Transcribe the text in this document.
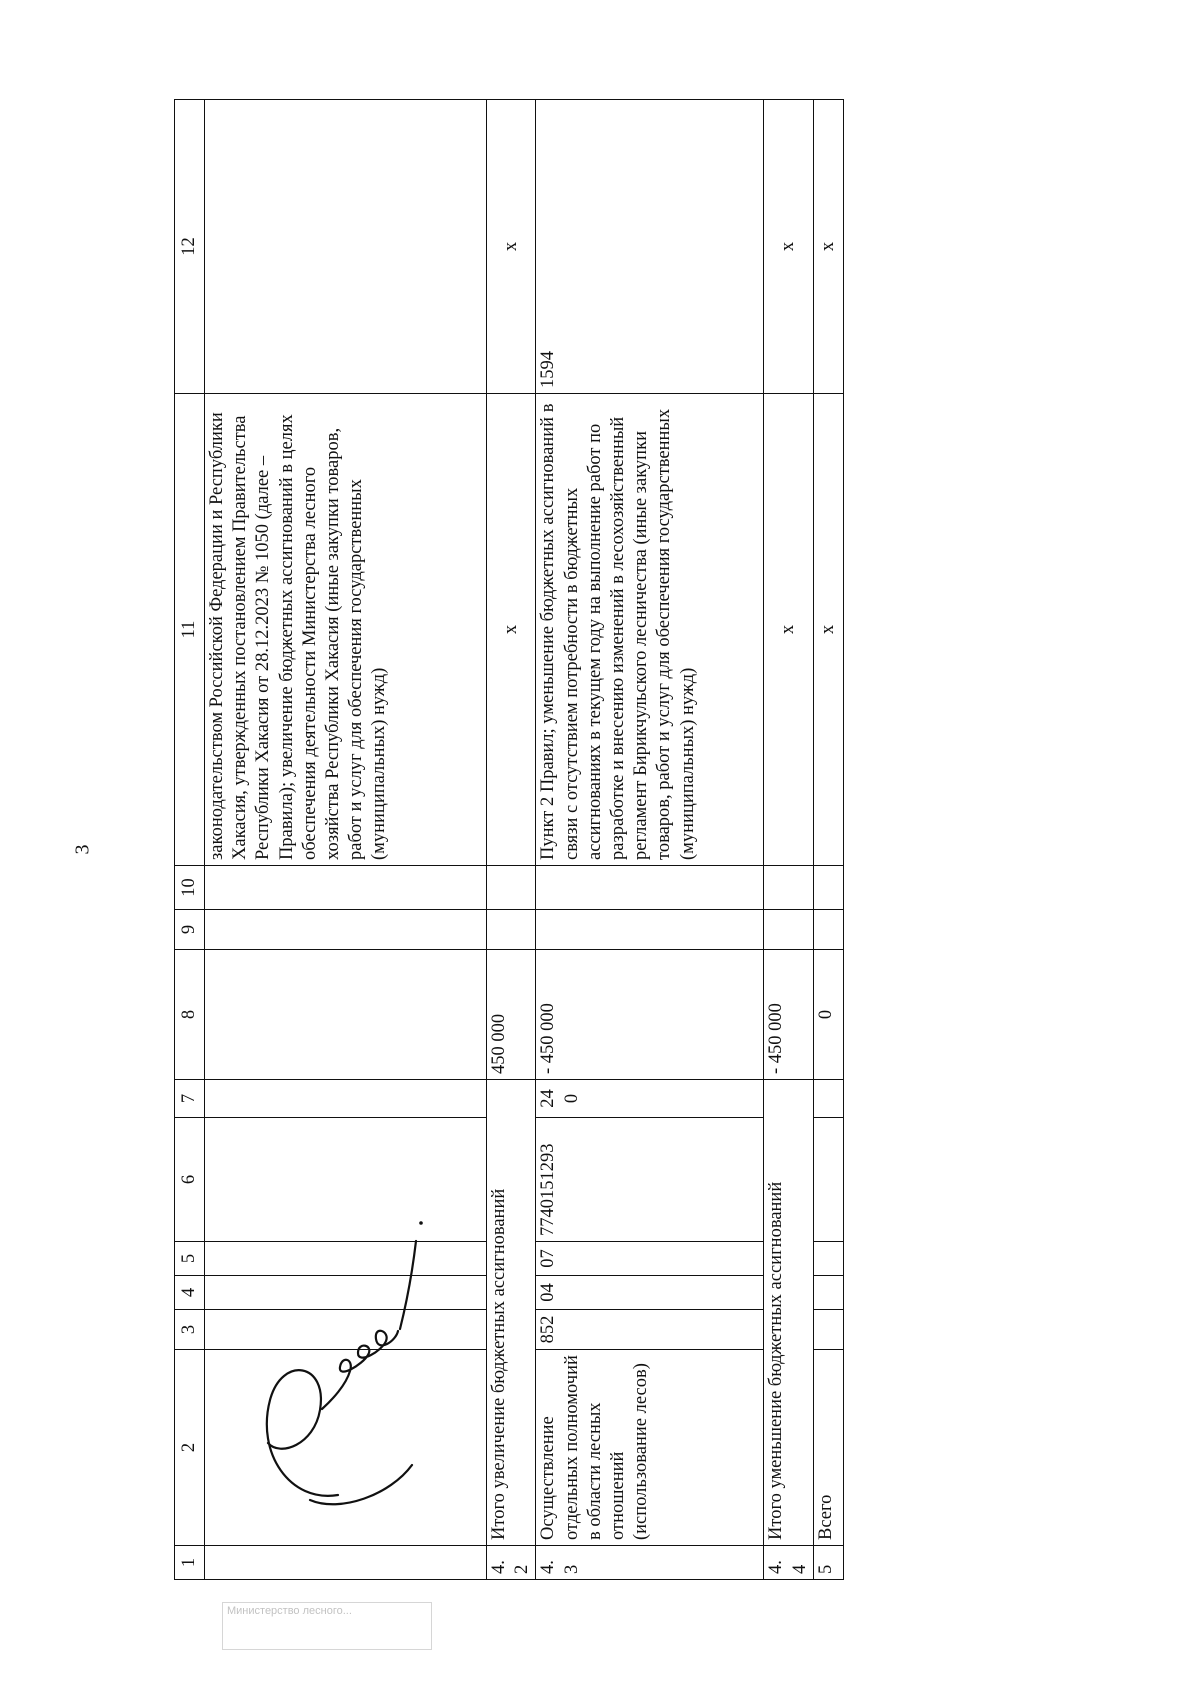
3
1	2	3	4	5	6	7	8	9	10	11	12
										законодательством Российской Федерации и Республики Хакасия, утвержденных постановлением Правительства Республики Хакасия от 28.12.2023 № 1050 (далее – Правила); увеличение бюджетных ассигнований в целях обеспечения деятельности Министерства лесного хозяйства Республики Хакасия (иные закупки товаров, работ и услуг для обеспечения государственных (муниципальных) нужд)	
4.2	Итого увеличение бюджетных ассигнований						450 000			х	х
4.3	Осуществление отдельных полномочий в области лесных отношений (использование лесов)	852	04	07	7740151293	240	- 450 000			Пункт 2 Правил; уменьшение бюджетных ассигнований в связи с отсутствием потребности в бюджетных ассигнованиях в текущем году на выполнение работ по разработке и внесению изменений в лесохозяйственный регламент Бирикчульского лесничества (иные закупки товаров, работ и услуг для обеспечения государственных (муниципальных) нужд)	1594
4.4	Итого уменьшение бюджетных ассигнований						- 450 000			х	х
5	Всего						0			х	х
Министерство лесного...
